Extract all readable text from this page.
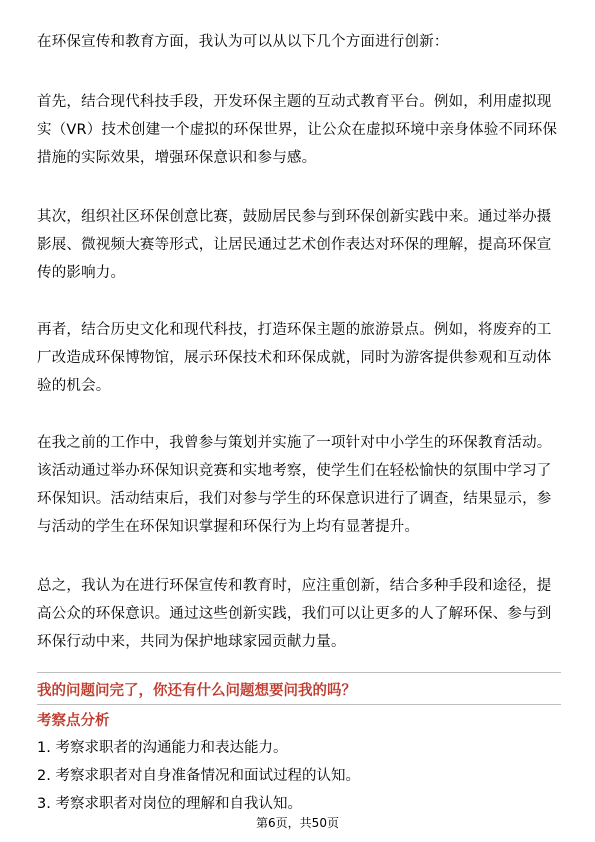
在环保宣传和教育方面，我认为可以从以下几个方面进行创新：

首先，结合现代科技手段，开发环保主题的互动式教育平台。例如，利用虚拟现实（VR）技术创建一个虚拟的环保世界，让公众在虚拟环境中亲身体验不同环保措施的实际效果，增强环保意识和参与感。

其次，组织社区环保创意比赛，鼓励居民参与到环保创新实践中来。通过举办摄影展、微视频大赛等形式，让居民通过艺术创作表达对环保的理解，提高环保宣传的影响力。

再者，结合历史文化和现代科技，打造环保主题的旅游景点。例如，将废弃的工厂改造成环保博物馆，展示环保技术和环保成就，同时为游客提供参观和互动体验的机会。

在我之前的工作中，我曾参与策划并实施了一项针对中小学生的环保教育活动。该活动通过举办环保知识竞赛和实地考察，使学生们在轻松愉快的氛围中学习了环保知识。活动结束后，我们对参与学生的环保意识进行了调查，结果显示，参与活动的学生在环保知识掌握和环保行为上均有显著提升。

总之，我认为在进行环保宣传和教育时，应注重创新，结合多种手段和途径，提高公众的环保意识。通过这些创新实践，我们可以让更多的人了解环保、参与到环保行动中来，共同为保护地球家园贡献力量。

我的问题问完了，你还有什么问题想要问我的吗？

考察点分析

1. 考察求职者的沟通能力和表达能力。

2. 考察求职者对自身准备情况和面试过程的认知。

3. 考察求职者对岗位的理解和自我认知。

第6页，共50页
